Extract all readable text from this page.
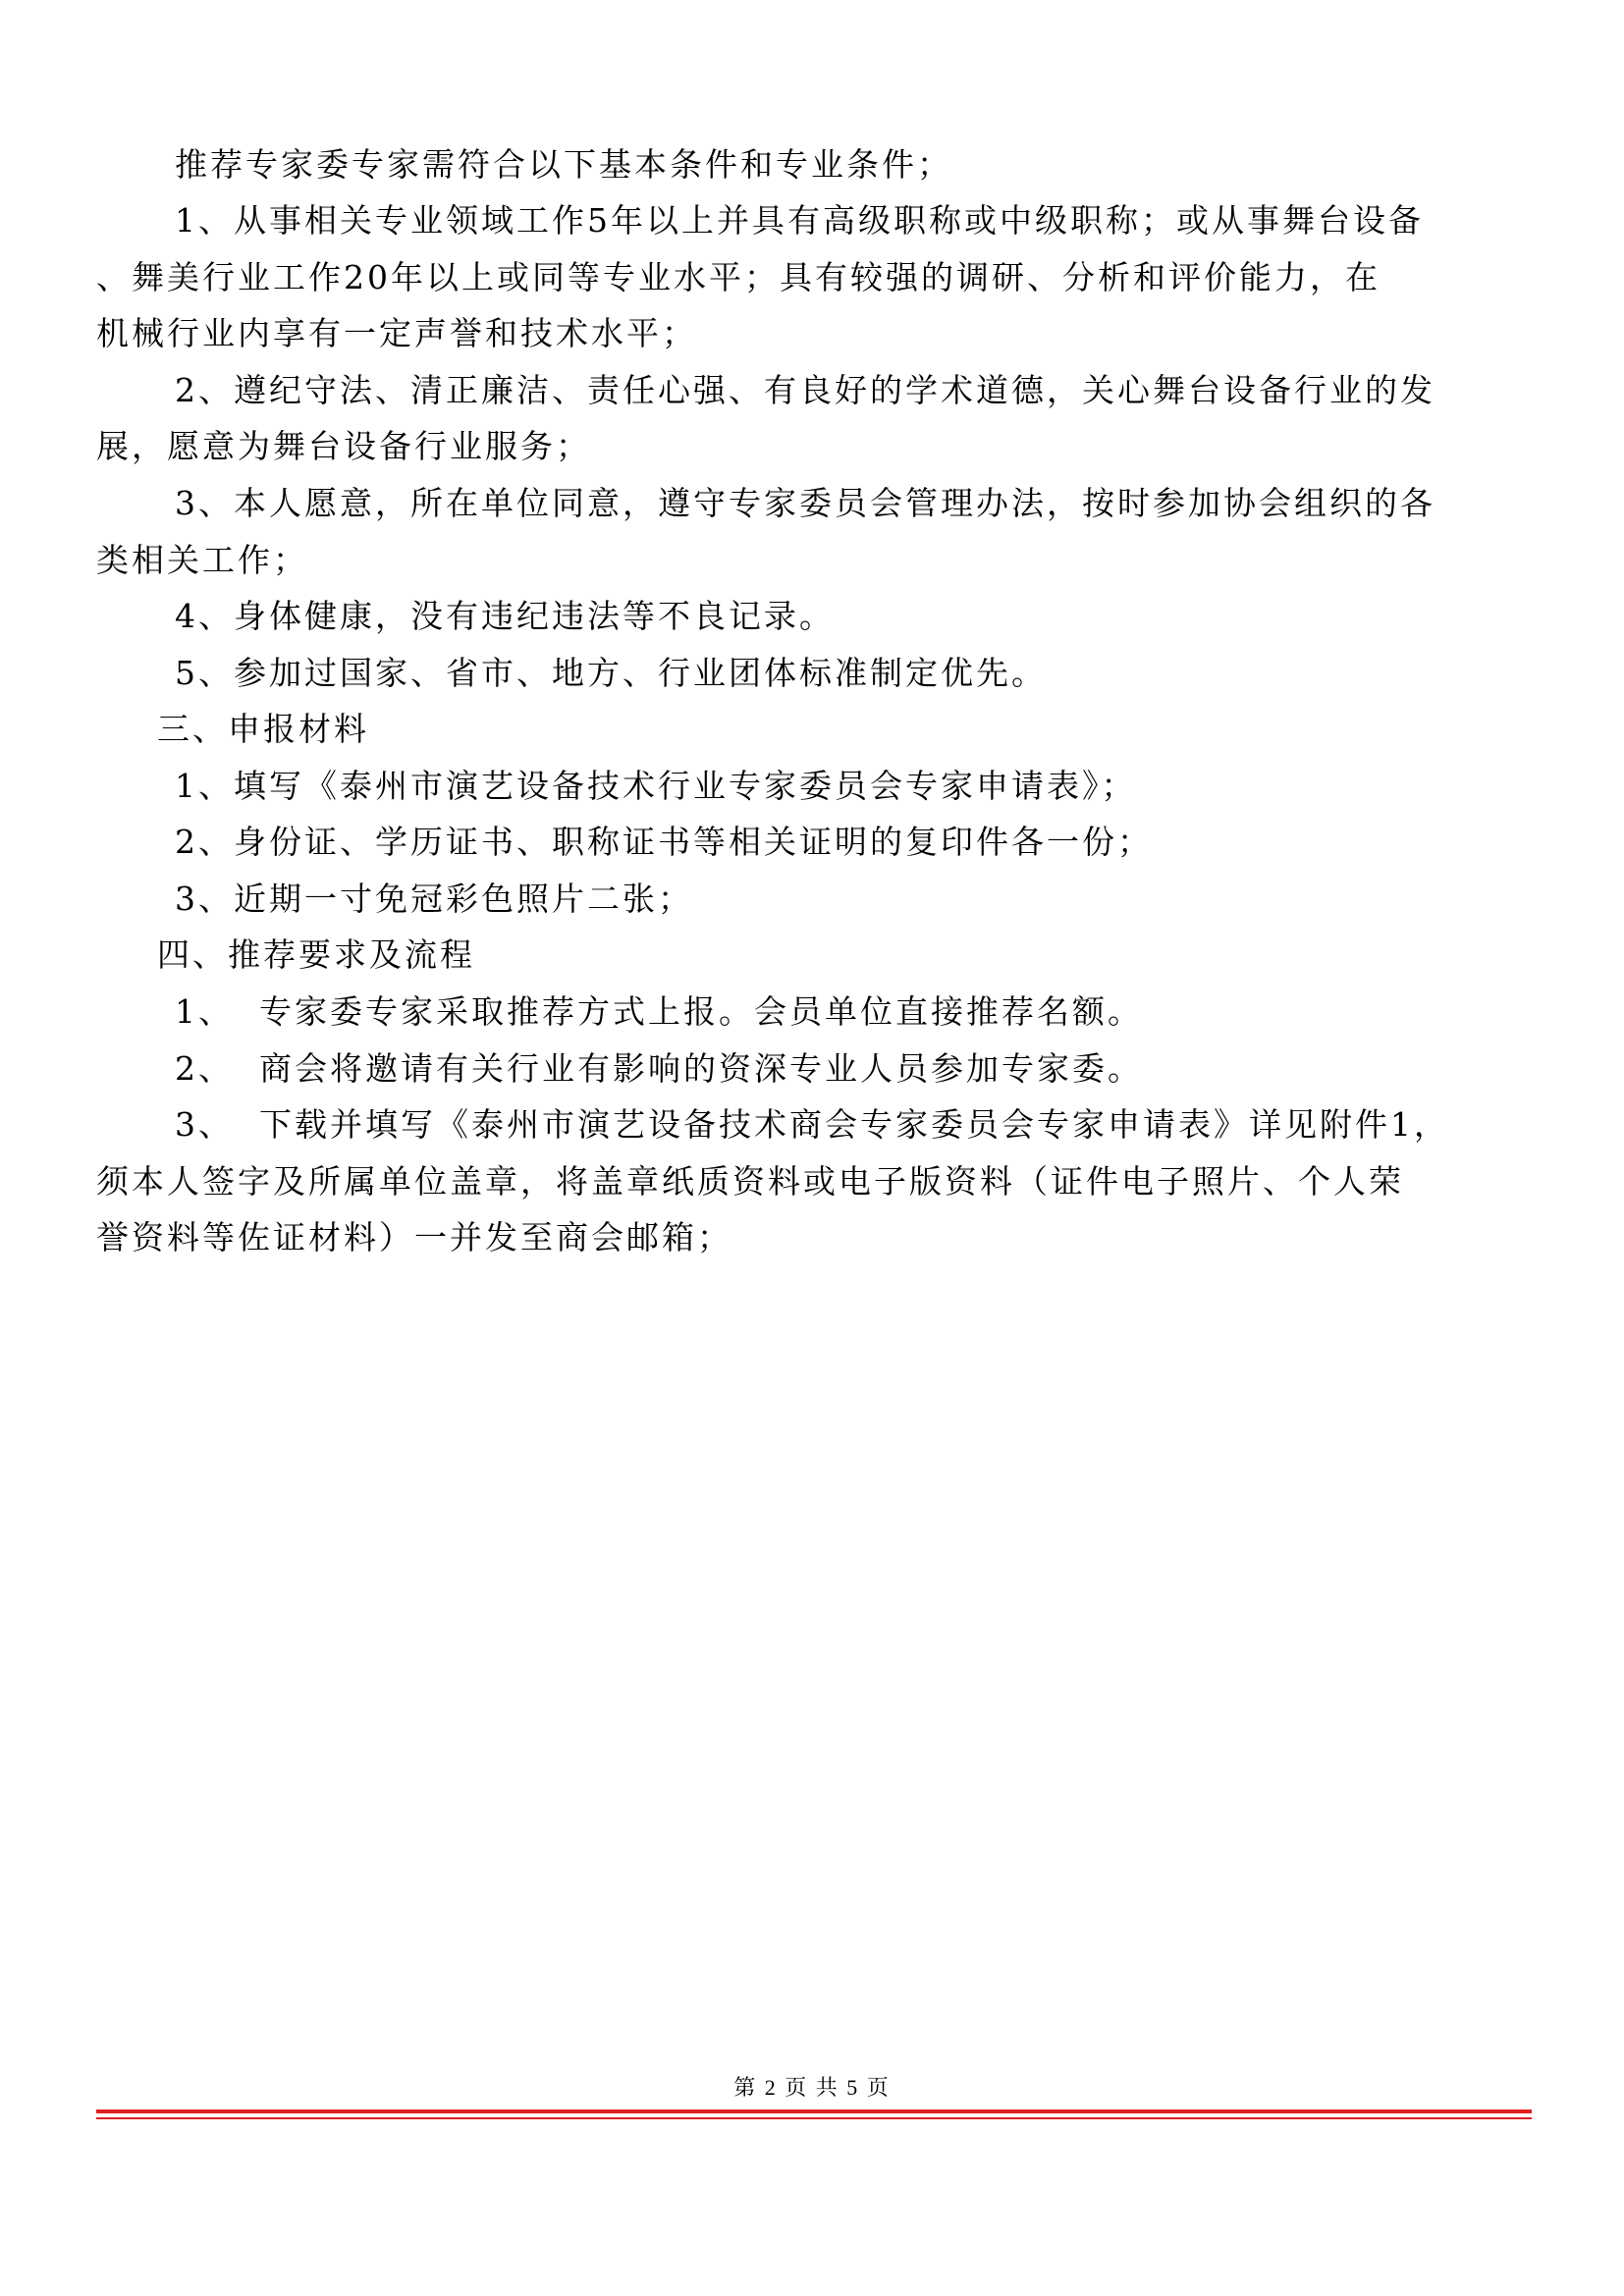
推荐专家委专家需符合以下基本条件和专业条件；
1、从事相关专业领域工作5年以上并具有高级职称或中级职称；或从事舞台设备
、舞美行业工作20年以上或同等专业水平；具有较强的调研、分析和评价能力，在
机械行业内享有一定声誉和技术水平；
2、遵纪守法、清正廉洁、责任心强、有良好的学术道德，关心舞台设备行业的发
展，愿意为舞台设备行业服务；
3、本人愿意，所在单位同意，遵守专家委员会管理办法，按时参加协会组织的各
类相关工作；
4、身体健康，没有违纪违法等不良记录。
5、参加过国家、省市、地方、行业团体标准制定优先。
三、申报材料
1、填写《泰州市演艺设备技术行业专家委员会专家申请表》；
2、身份证、学历证书、职称证书等相关证明的复印件各一份；
3、近期一寸免冠彩色照片二张；
四、推荐要求及流程
1、 专家委专家采取推荐方式上报。会员单位直接推荐名额。
2、 商会将邀请有关行业有影响的资深专业人员参加专家委。
3、 下载并填写《泰州市演艺设备技术商会专家委员会专家申请表》详见附件1，
须本人签字及所属单位盖章，将盖章纸质资料或电子版资料（证件电子照片、个人荣
誉资料等佐证材料）一并发至商会邮箱；
第 2 页 共 5 页
